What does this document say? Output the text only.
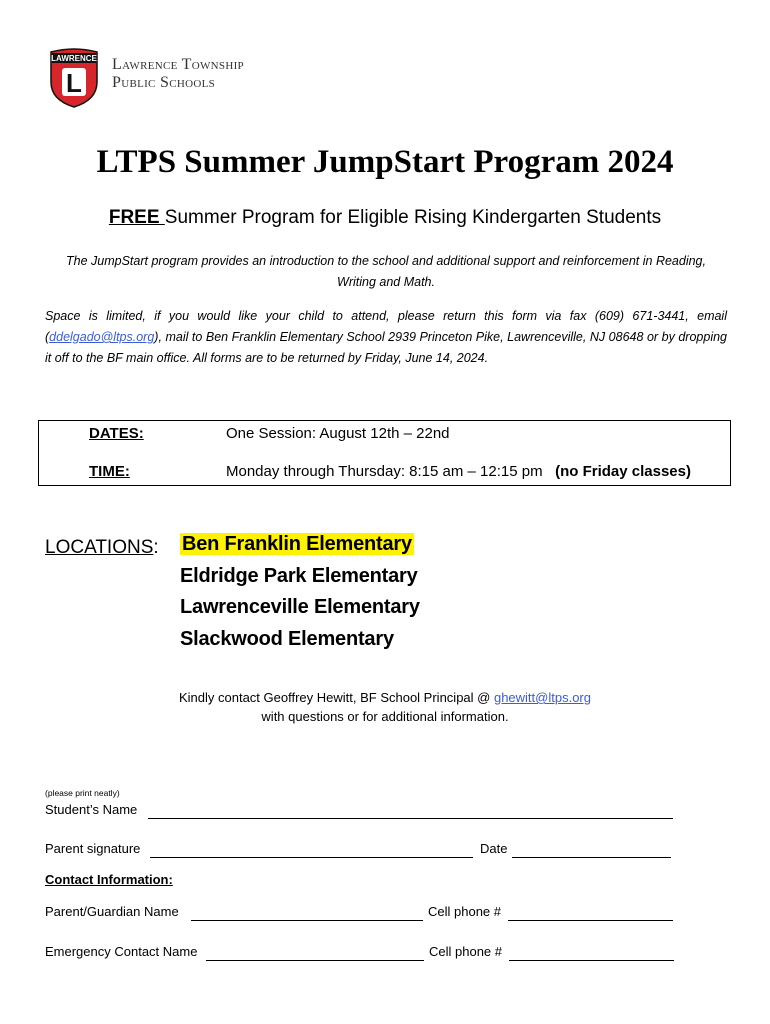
LAWRENCE
L
Lawrence Township
Public Schools
LTPS Summer JumpStart Program 2024
FREE Summer Program for Eligible Rising Kindergarten Students
The JumpStart program provides an introduction to the school and additional support and reinforcement in Reading, Writing and Math.
Space is limited, if you would like your child to attend, please return this form via fax (609) 671-3441, email (ddelgado@ltps.org), mail to Ben Franklin Elementary School 2939 Princeton Pike, Lawrenceville, NJ 08648 or by dropping it off to the BF main office. All forms are to be returned by Friday, June 14, 2024.
DATES:	One Session: August 12th – 22nd
TIME:	Monday through Thursday: 8:15 am – 12:15 pm   (no Friday classes)
LOCATIONS: Ben Franklin Elementary
Eldridge Park Elementary
Lawrenceville Elementary
Slackwood Elementary
Kindly contact Geoffrey Hewitt, BF School Principal @ ghewitt@ltps.org
with questions or for additional information.
(please print neatly)
Student’s Name
Parent signature	Date
Contact Information:
Parent/Guardian Name	Cell phone #
Emergency Contact Name	Cell phone #
